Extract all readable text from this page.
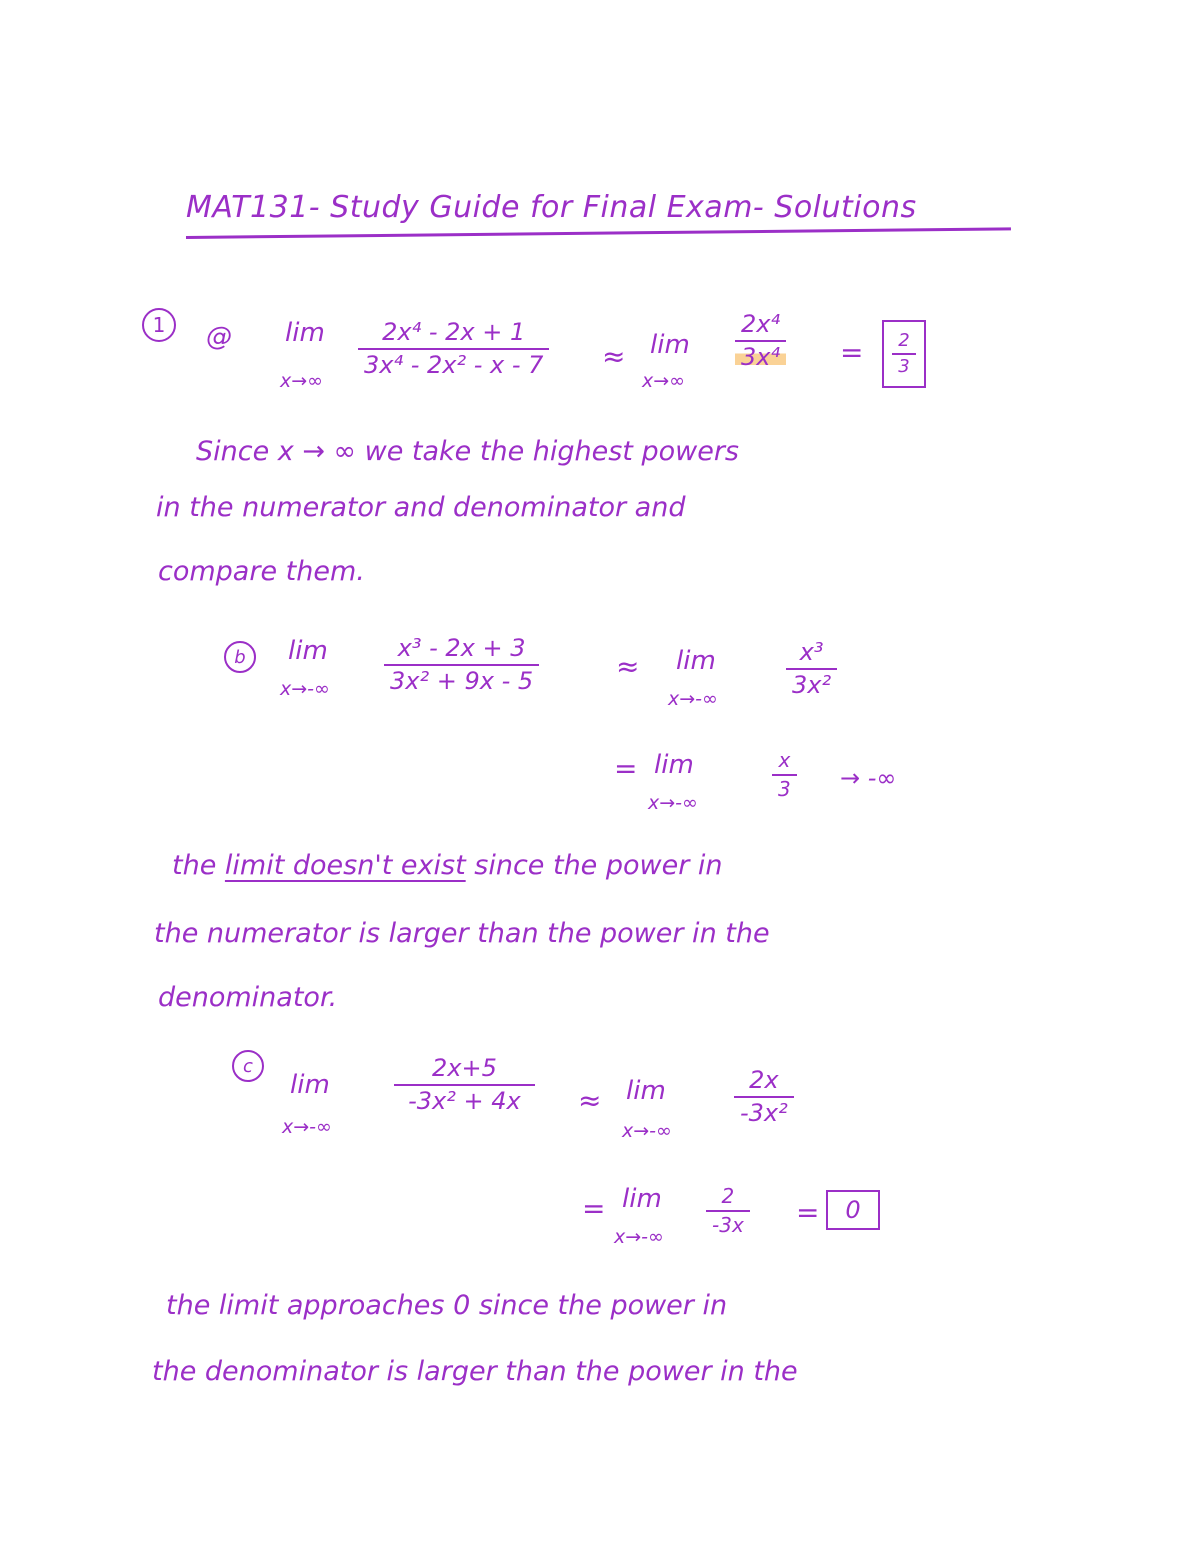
MAT131- Study Guide for Final Exam- Solutions
1	@ lim
x→∞
2x⁴ - 2x + 1
3x⁴ - 2x² - x - 7 ≈ lim
x→∞
2x⁴
3x⁴ = 2
3
Since x → ∞ we take the highest powers
in the numerator and denominator and
compare them.
b	lim
x→-∞
x³ - 2x + 3
3x² + 9x - 5	≈ lim
x→-∞
x³
3x²
= lim
x→-∞
x
3 → -∞
the limit doesn't exist since the power in
the numerator is larger than the power in the
denominator.
c
lim
x→-∞
2x+5
-3x² + 4x ≈ lim
x→-∞
2x
-3x²
= lim
x→-∞
2
-3x =	0
the limit approaches 0 since the power in
the denominator is larger than the power in the
